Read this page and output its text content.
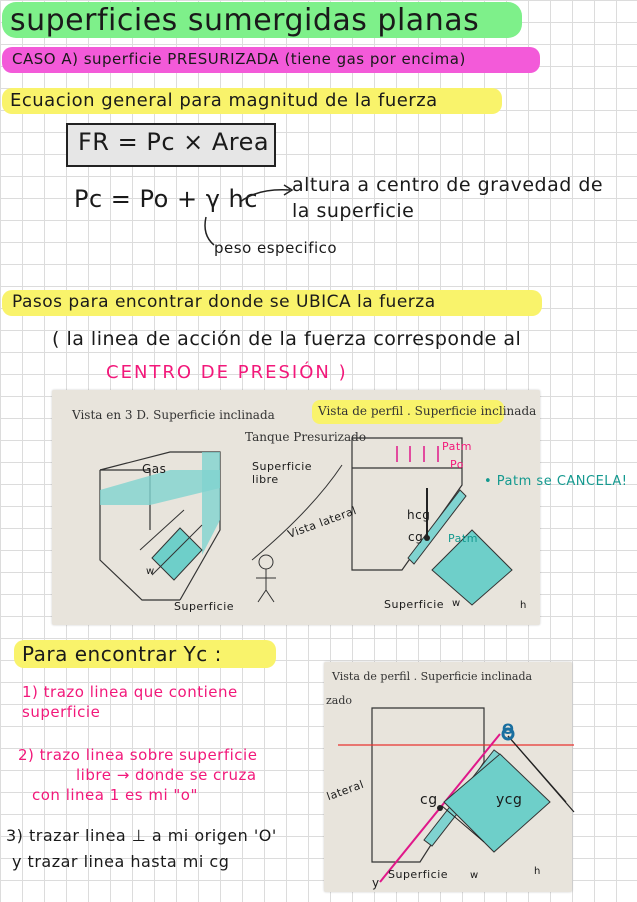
superficies sumergidas planas
CASO A) superficie PRESURIZADA (tiene gas por encima)
Ecuacion general para magnitud de la fuerza
FR = Pc × Area
Pc = Po + γ hc altura a centro de gravedad de la superficie
peso especifico
Pasos para encontrar donde se UBICA la fuerza
( la linea de acción de la fuerza corresponde al
CENTRO DE PRESIÓN )
Vista en 3 D. Superficie inclinada	Vista de perfil . Superficie inclinada
Tanque Presurizado
Gas	Superficie libre
Vista lateral
Superficie	Superficie
Patm
Po
hcg
cg Patm
w
w	h
• Patm se CANCELA!
Para encontrar Yc :
1) trazo linea que contiene superficie
2) trazo linea sobre superficie
libre → donde se cruza
con linea 1 es mi "o"
3) trazar linea ⊥ a mi origen 'O'
y trazar linea hasta mi cg
Vista de perfil . Superficie inclinada
zado
lateral
O
cg	ycg
y
Superficie w	h
